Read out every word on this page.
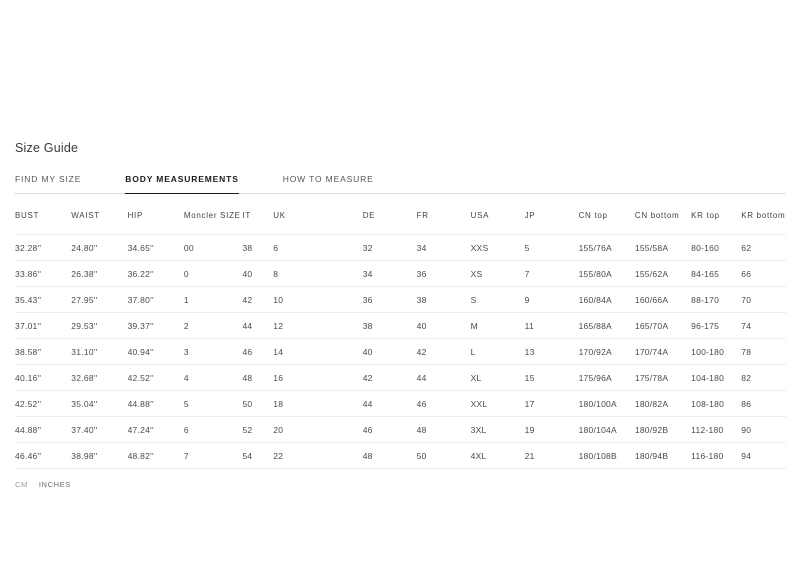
Size Guide
FIND MY SIZE	BODY MEASUREMENTS	HOW TO MEASURE
BUST	WAIST	HIP	Moncler SIZE	IT	UK	DE	FR	USA	JP	CN top	CN bottom	KR top	KR bottom
32.28''	24.80''	34.65''	00	38	6	32	34	XXS	5	155/76A	155/58A	80-160	62
33.86''	26.38''	36.22''	0	40	8	34	36	XS	7	155/80A	155/62A	84-165	66
35.43''	27.95''	37.80''	1	42	10	36	38	S	9	160/84A	160/66A	88-170	70
37.01''	29.53''	39.37''	2	44	12	38	40	M	11	165/88A	165/70A	96-175	74
38.58''	31.10''	40.94''	3	46	14	40	42	L	13	170/92A	170/74A	100-180	78
40.16''	32.68''	42.52''	4	48	16	42	44	XL	15	175/96A	175/78A	104-180	82
42.52''	35.04''	44.88''	5	50	18	44	46	XXL	17	180/100A	180/82A	108-180	86
44.88''	37.40''	47.24''	6	52	20	46	48	3XL	19	180/104A	180/92B	112-180	90
46.46''	38.98''	48.82''	7	54	22	48	50	4XL	21	180/108B	180/94B	116-180	94
CM INCHES
